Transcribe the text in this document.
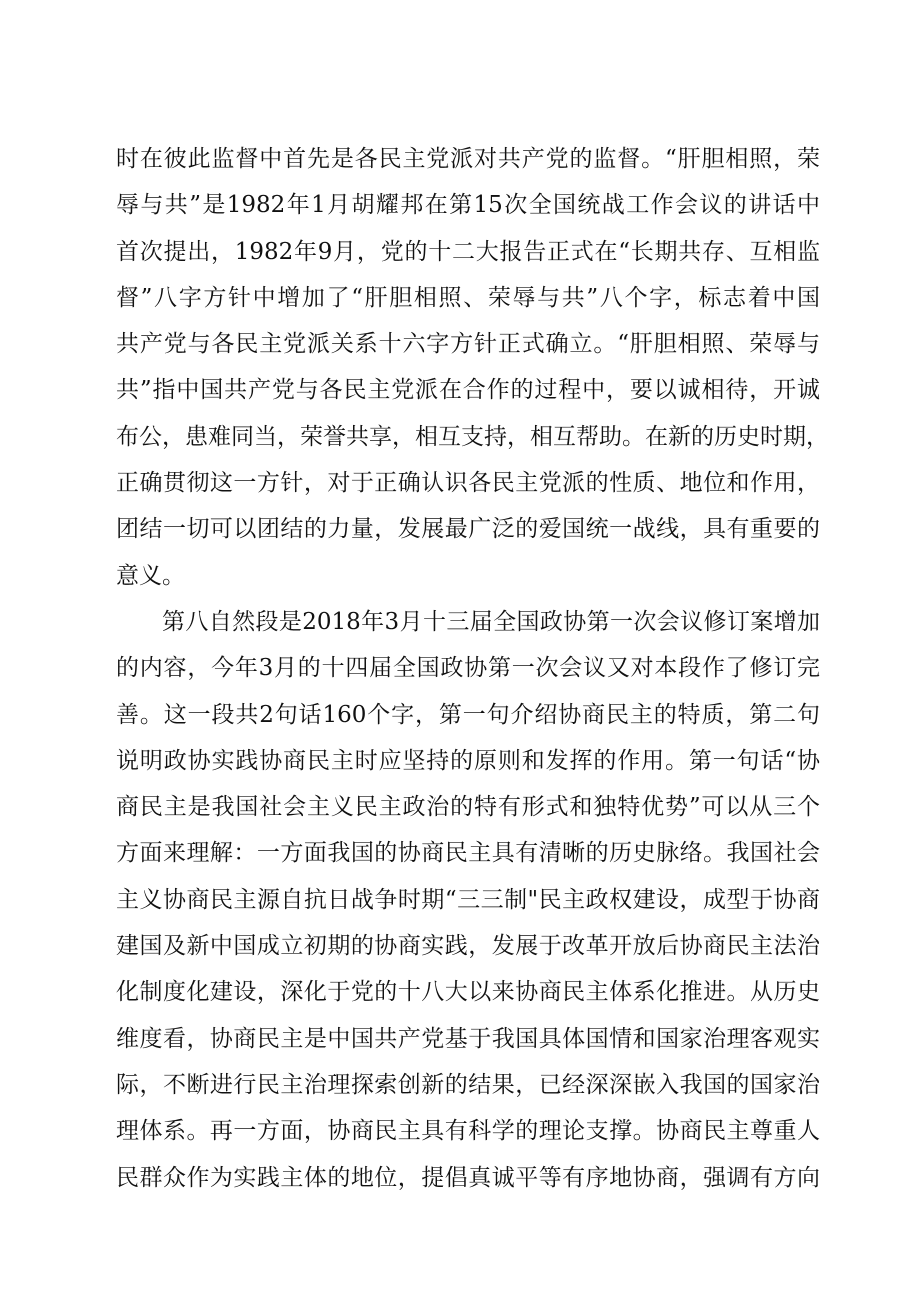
时在彼此监督中首先是各民主党派对共产党的监督。“肝胆相照，荣
辱与共”是1982年1月胡耀邦在第15次全国统战工作会议的讲话中
首次提出，1982年9月，党的十二大报告正式在“长期共存、互相监
督”八字方针中增加了“肝胆相照、荣辱与共”八个字，标志着中国
共产党与各民主党派关系十六字方针正式确立。“肝胆相照、荣辱与
共”指中国共产党与各民主党派在合作的过程中，要以诚相待，开诚
布公，患难同当，荣誉共享，相互支持，相互帮助。在新的历史时期，
正确贯彻这一方针，对于正确认识各民主党派的性质、地位和作用，
团结一切可以团结的力量，发展最广泛的爱国统一战线，具有重要的
意义。
第八自然段是2018年3月十三届全国政协第一次会议修订案增加
的内容，今年3月的十四届全国政协第一次会议又对本段作了修订完
善。这一段共2句话160个字，第一句介绍协商民主的特质，第二句
说明政协实践协商民主时应坚持的原则和发挥的作用。第一句话“协
商民主是我国社会主义民主政治的特有形式和独特优势”可以从三个
方面来理解：一方面我国的协商民主具有清晰的历史脉络。我国社会
主义协商民主源自抗日战争时期“三三制"民主政权建设，成型于协商
建国及新中国成立初期的协商实践，发展于改革开放后协商民主法治
化制度化建设，深化于党的十八大以来协商民主体系化推进。从历史
维度看，协商民主是中国共产党基于我国具体国情和国家治理客观实
际，不断进行民主治理探索创新的结果，已经深深嵌入我国的国家治
理体系。再一方面，协商民主具有科学的理论支撑。协商民主尊重人
民群众作为实践主体的地位，提倡真诚平等有序地协商，强调有方向
